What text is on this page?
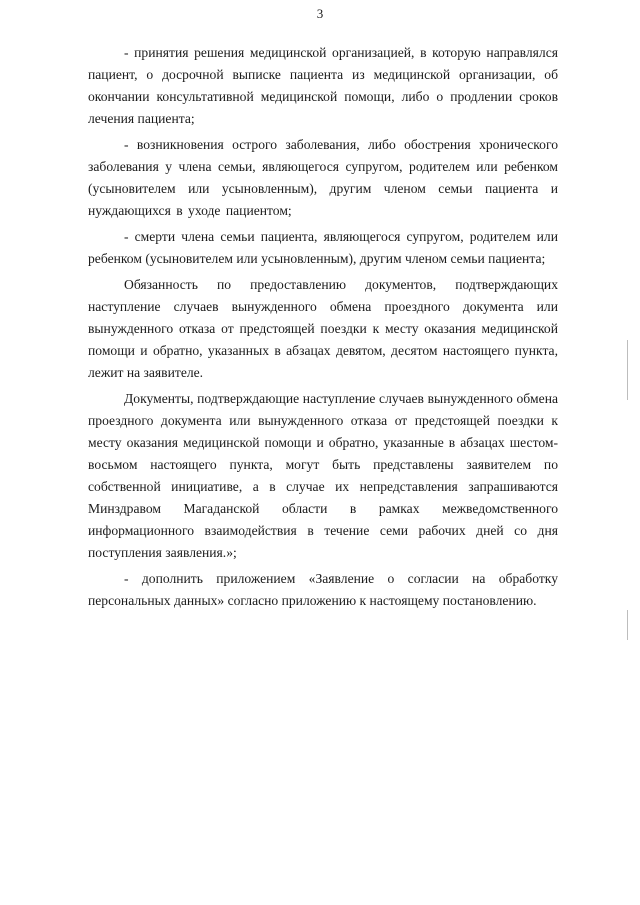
3

- принятия решения медицинской организацией, в которую направлялся пациент, о досрочной выписке пациента из медицинской организации, об окончании консультативной медицинской помощи, либо о продлении сроков лечения пациента;

- возникновения острого заболевания, либо обострения хронического заболевания у члена семьи, являющегося супругом, родителем или ребенком (усыновителем или усыновленным), другим членом семьи пациента и нуждающихся в уходе пациентом;

- смерти члена семьи пациента, являющегося супругом, родителем или ребенком (усыновителем или усыновленным), другим членом семьи пациента;

Обязанность по предоставлению документов, подтверждающих наступление случаев вынужденного обмена проездного документа или вынужденного отказа от предстоящей поездки к месту оказания медицинской помощи и обратно, указанных в абзацах девятом, десятом настоящего пункта, лежит на заявителе.

Документы, подтверждающие наступление случаев вынужденного обмена проездного документа или вынужденного отказа от предстоящей поездки к месту оказания медицинской помощи и обратно, указанные в абзацах шестом-восьмом настоящего пункта, могут быть представлены заявителем по собственной инициативе, а в случае их непредставления запрашиваются Минздравом Магаданской области в рамках межведомственного информационного взаимодействия в течение семи рабочих дней со дня поступления заявления.»;

- дополнить приложением «Заявление о согласии на обработку персональных данных» согласно приложению к настоящему постановлению.
